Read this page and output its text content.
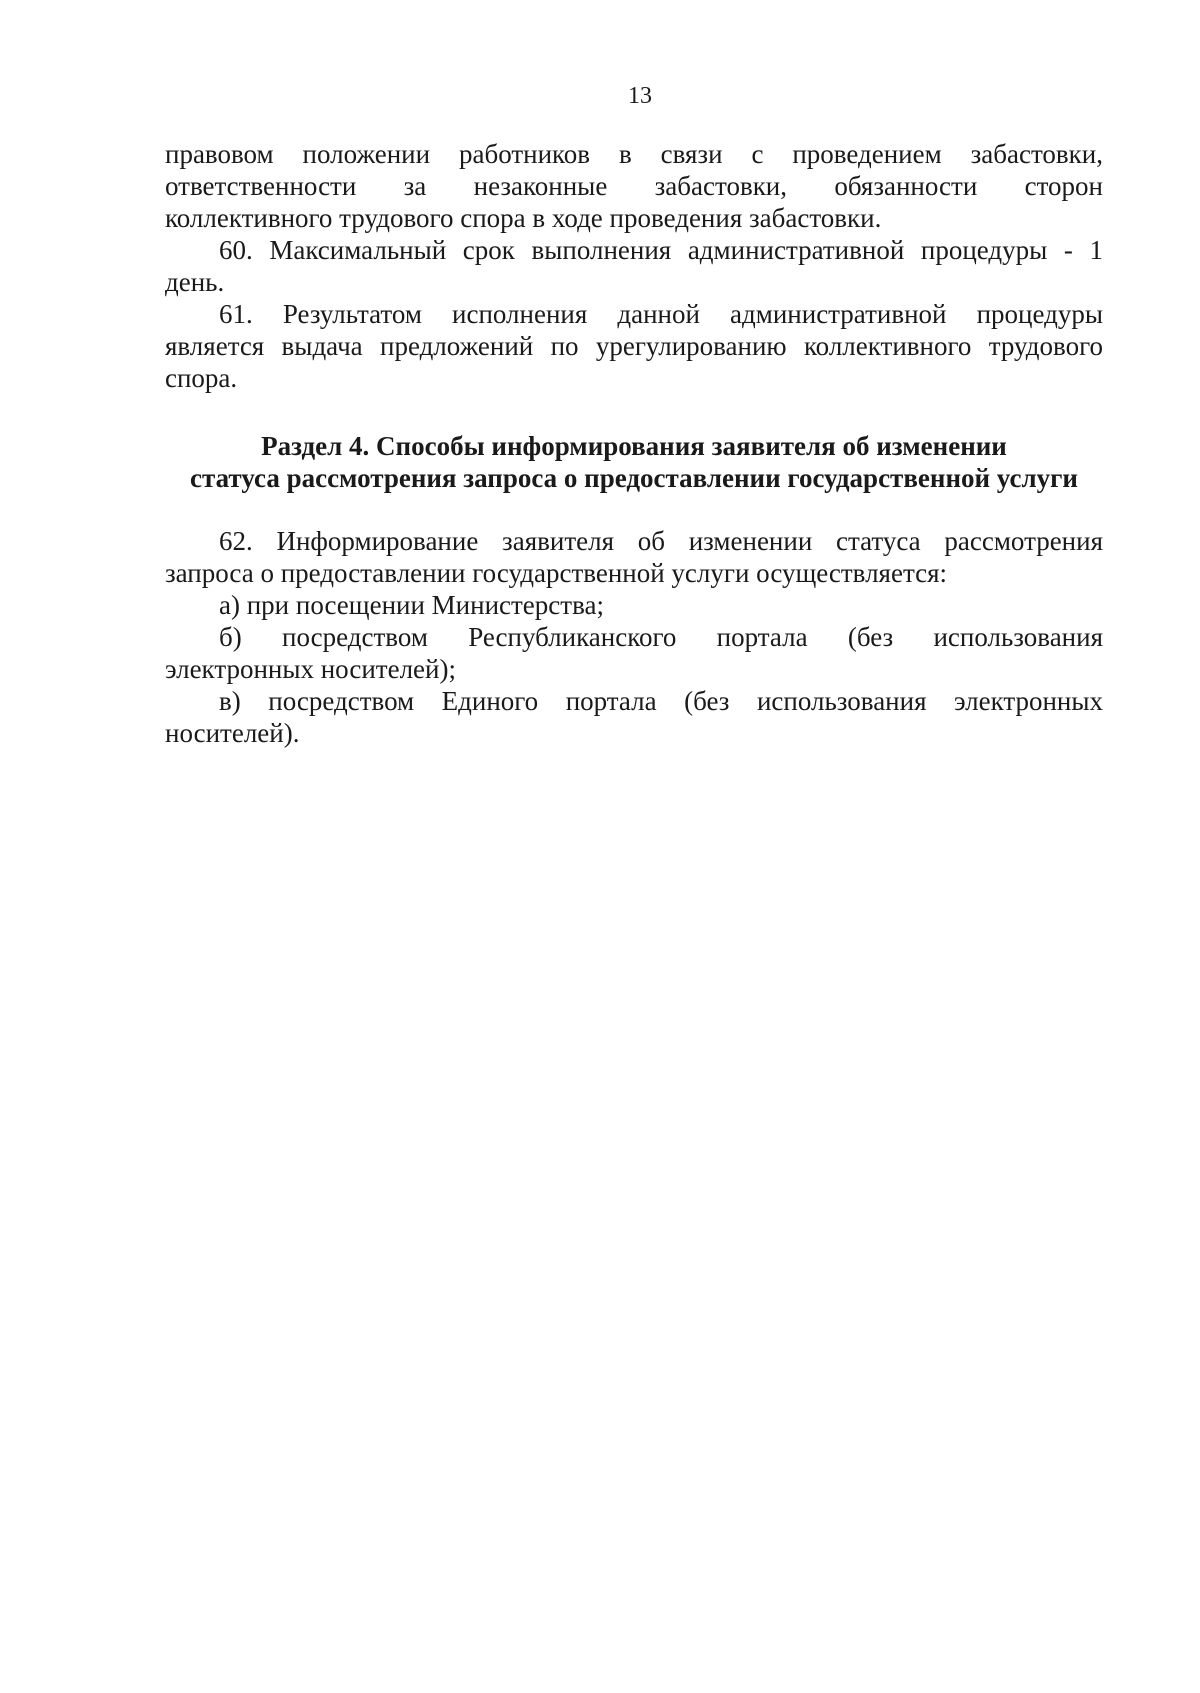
13
правовом положении работников в связи с проведением забастовки,
ответственности за незаконные забастовки, обязанности сторон
коллективного трудового спора в ходе проведения забастовки.
60. Максимальный срок выполнения административной процедуры - 1
день.
61. Результатом исполнения данной административной процедуры
является выдача предложений по урегулированию коллективного трудового
спора.
Раздел 4. Способы информирования заявителя об изменении
статуса рассмотрения запроса о предоставлении государственной услуги
62. Информирование заявителя об изменении статуса рассмотрения
запроса о предоставлении государственной услуги осуществляется:
а) при посещении Министерства;
б) посредством Республиканского портала (без использования
электронных носителей);
в) посредством Единого портала (без использования электронных
носителей).
